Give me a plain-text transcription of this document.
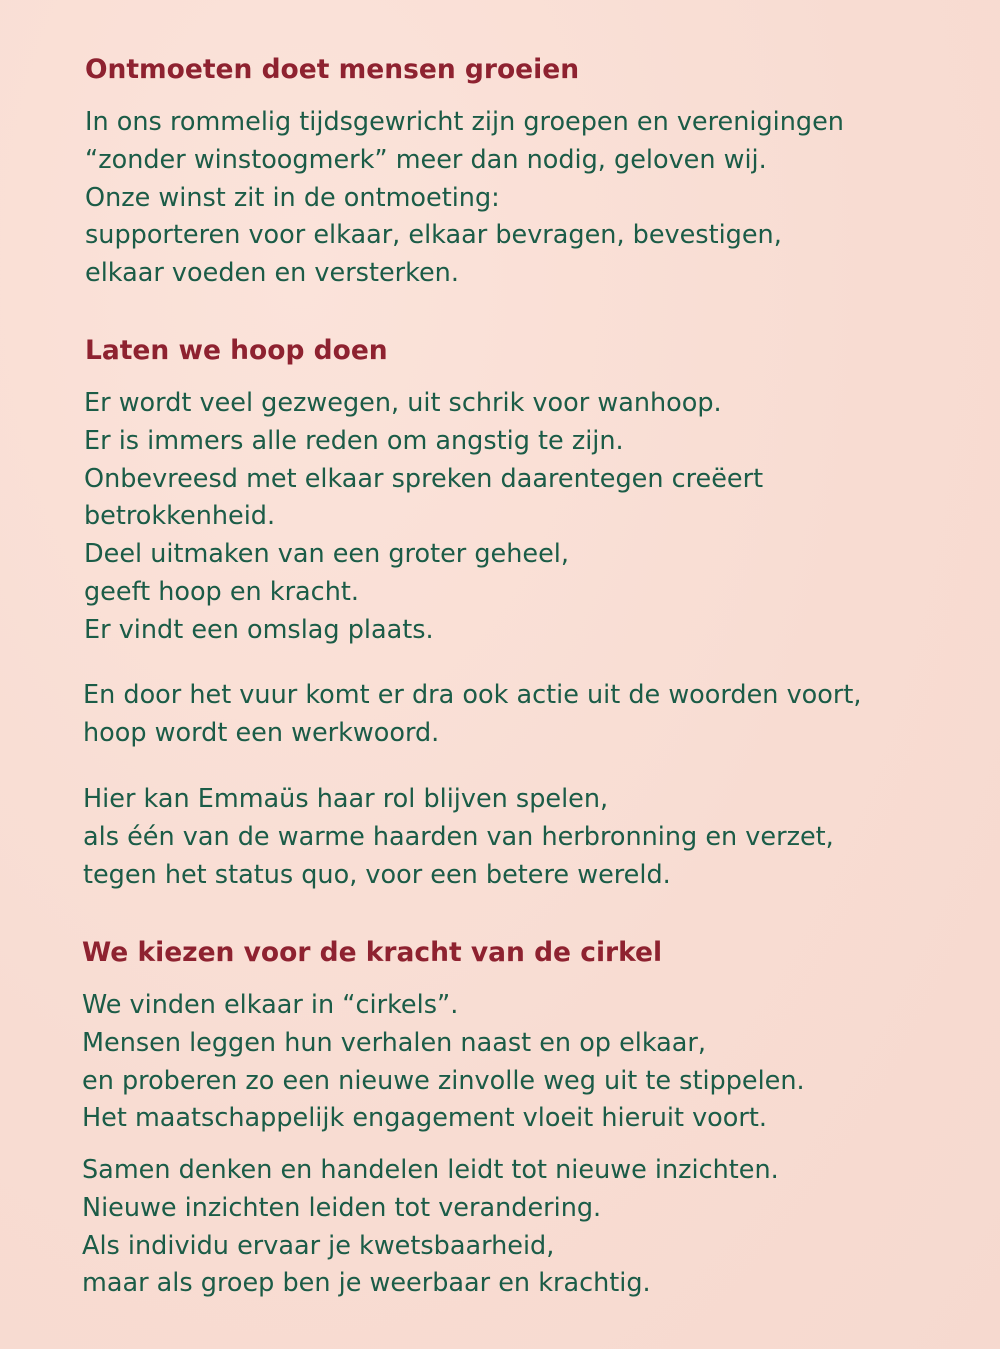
Ontmoeten doet mensen groeien
In ons rommelig tijdsgewricht zijn groepen en verenigingen
“zonder winstoogmerk” meer dan nodig, geloven wij.
Onze winst zit in de ontmoeting:
supporteren voor elkaar, elkaar bevragen, bevestigen,
elkaar voeden en versterken.
Laten we hoop doen
Er wordt veel gezwegen, uit schrik voor wanhoop.
Er is immers alle reden om angstig te zijn.
Onbevreesd met elkaar spreken daarentegen creëert
betrokkenheid.
Deel uitmaken van een groter geheel,
geeft hoop en kracht.
Er vindt een omslag plaats.
En door het vuur komt er dra ook actie uit de woorden voort,
hoop wordt een werkwoord.
Hier kan Emmaüs haar rol blijven spelen,
als één van de warme haarden van herbronning en verzet,
tegen het status quo, voor een betere wereld.
We kiezen voor de kracht van de cirkel
We vinden elkaar in “cirkels”.
Mensen leggen hun verhalen naast en op elkaar,
en proberen zo een nieuwe zinvolle weg uit te stippelen.
Het maatschappelijk engagement vloeit hieruit voort.
Samen denken en handelen leidt tot nieuwe inzichten.
Nieuwe inzichten leiden tot verandering.
Als individu ervaar je kwetsbaarheid,
maar als groep ben je weerbaar en krachtig.
